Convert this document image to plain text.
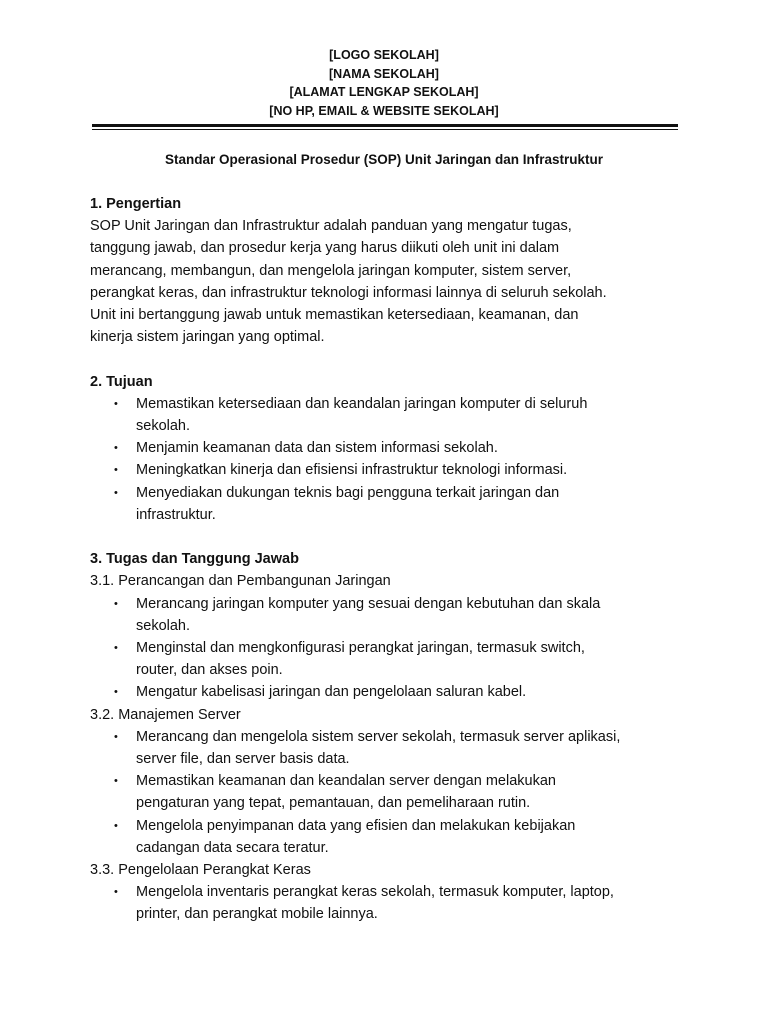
[LOGO SEKOLAH]
[NAMA SEKOLAH]
[ALAMAT LENGKAP SEKOLAH]
[NO HP, EMAIL & WEBSITE SEKOLAH]
Standar Operasional Prosedur (SOP) Unit Jaringan dan Infrastruktur
1. Pengertian

SOP Unit Jaringan dan Infrastruktur adalah panduan yang mengatur tugas,
tanggung jawab, dan prosedur kerja yang harus diikuti oleh unit ini dalam
merancang, membangun, dan mengelola jaringan komputer, sistem server,
perangkat keras, dan infrastruktur teknologi informasi lainnya di seluruh sekolah.
Unit ini bertanggung jawab untuk memastikan ketersediaan, keamanan, dan
kinerja sistem jaringan yang optimal.

2. Tujuan
•	Memastikan ketersediaan dan keandalan jaringan komputer di seluruh
sekolah.
•	Menjamin keamanan data dan sistem informasi sekolah.
•	Meningkatkan kinerja dan efisiensi infrastruktur teknologi informasi.
•	Menyediakan dukungan teknis bagi pengguna terkait jaringan dan
infrastruktur.
3. Tugas dan Tanggung Jawab

3.1. Perancangan dan Pembangunan Jaringan

•	Merancang jaringan komputer yang sesuai dengan kebutuhan dan skala
sekolah.
•	Menginstal dan mengkonfigurasi perangkat jaringan, termasuk switch,
router, dan akses poin.
•	Mengatur kabelisasi jaringan dan pengelolaan saluran kabel.

3.2. Manajemen Server

•	Merancang dan mengelola sistem server sekolah, termasuk server aplikasi,
server file, dan server basis data.
•	Memastikan keamanan dan keandalan server dengan melakukan
pengaturan yang tepat, pemantauan, dan pemeliharaan rutin.
•	Mengelola penyimpanan data yang efisien dan melakukan kebijakan
cadangan data secara teratur.

3.3. Pengelolaan Perangkat Keras

•	Mengelola inventaris perangkat keras sekolah, termasuk komputer, laptop,
printer, dan perangkat mobile lainnya.
